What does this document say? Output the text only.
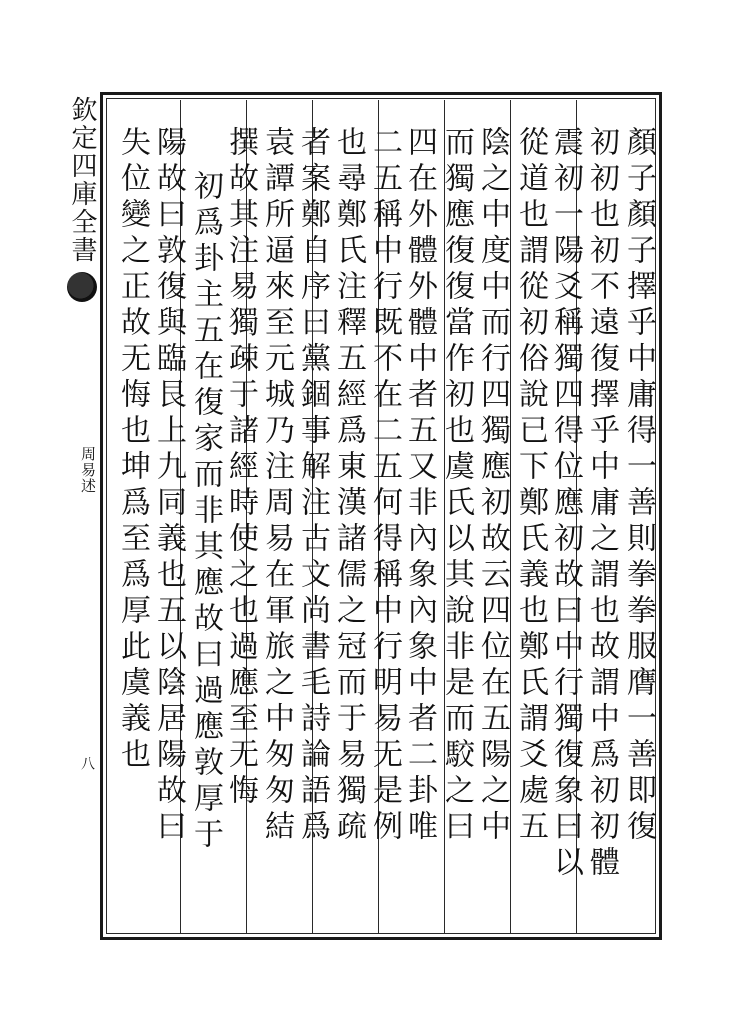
欽定四庫全書
周易述
八	顏子顏子擇乎中庸得一善則拳拳服膺一善即復
初初也初不遠復擇乎中庸之謂也故謂中爲初初體
震初一陽爻稱獨四得位應初故曰中行獨復象曰以
從道也謂從初俗說已下鄭氏義也鄭氏謂爻處五
陰之中度中而行四獨應初故云四位在五陽之中
而獨應復復當作初也虞氏以其說非是而駮之曰
四在外體外體中者五又非內象內象中者二卦唯
二五稱中行既不在二五何得稱中行明易无是例
也尋鄭氏注釋五經爲東漢諸儒之冠而于易獨疏
者案鄭自序曰黨錮事解注古文尚書毛詩論語爲
袁譚所逼來至元城乃注周易在軍旅之中匆匆結
撰故其注易獨疎于諸經時使之也過應至无悔
初爲卦主五在復家而非其應故曰過應敦厚于
陽故曰敦復與臨艮上九同義也五以陰居陽故曰
失位變之正故无悔也坤爲至爲厚此虞義也
